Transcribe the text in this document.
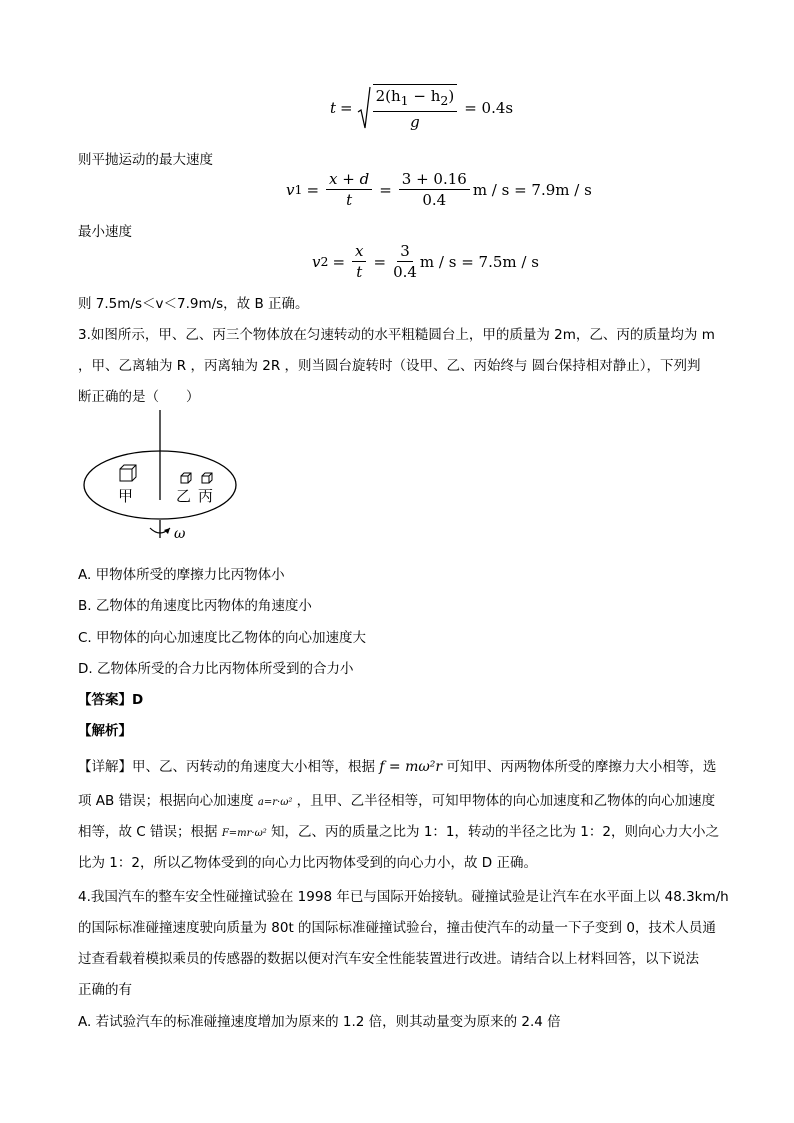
$t = \frac{2(h_1 - h_2)}{g} = 0.4s$
则平抛运动的最大速度
v $1 = \frac{x + d}{t} = \frac{3 + 0.16}{0.4}$ m / s = 7.9m / s
最小速度
v $2 = \frac{x}{t} = \frac{3}{0.4}$ m / s = 7.5m / s
则 7.5m/s＜v＜7.9m/s，故 B 正确。
3.如图所示，甲、乙、丙三个物体放在匀速转动的水平粗糙圆台上，甲的质量为 2m，乙、丙的质量均为 m
，甲、乙离轴为 R ，丙离轴为 2R ，则当圆台旋转时（设甲、乙、丙始终与 圆台保持相对静止），下列判
断正确的是（　　）
甲	乙 丙
ω
A. 甲物体所受的摩擦力比丙物体小
B. 乙物体的角速度比丙物体的角速度小
C. 甲物体的向心加速度比乙物体的向心加速度大
D. 乙物体所受的合力比丙物体所受到的合力小
【答案】D
【解析】
【详解】甲、乙、丙转动的角速度大小相等，根据 f = mω²r 可知甲、丙两物体所受的摩擦力大小相等，选
项 AB 错误；根据向心加速度 a=r·ω² ，且甲、乙半径相等，可知甲物体的向心加速度和乙物体的向心加速度
相等，故 C 错误；根据 F=mr·ω² 知，乙、丙的质量之比为 1：1，转动的半径之比为 1：2，则向心力大小之
比为 1：2，所以乙物体受到的向心力比丙物体受到的向心力小，故 D 正确。
4.我国汽车的整车安全性碰撞试验在 1998 年已与国际开始接轨。碰撞试验是让汽车在水平面上以 48.3km/h
的国际标准碰撞速度驶向质量为 80t 的国际标准碰撞试验台，撞击使汽车的动量一下子变到 0，技术人员通
过查看载着模拟乘员的传感器的数据以便对汽车安全性能装置进行改进。请结合以上材料回答，以下说法
正确的有
A. 若试验汽车的标准碰撞速度增加为原来的 1.2 倍，则其动量变为原来的 2.4 倍
